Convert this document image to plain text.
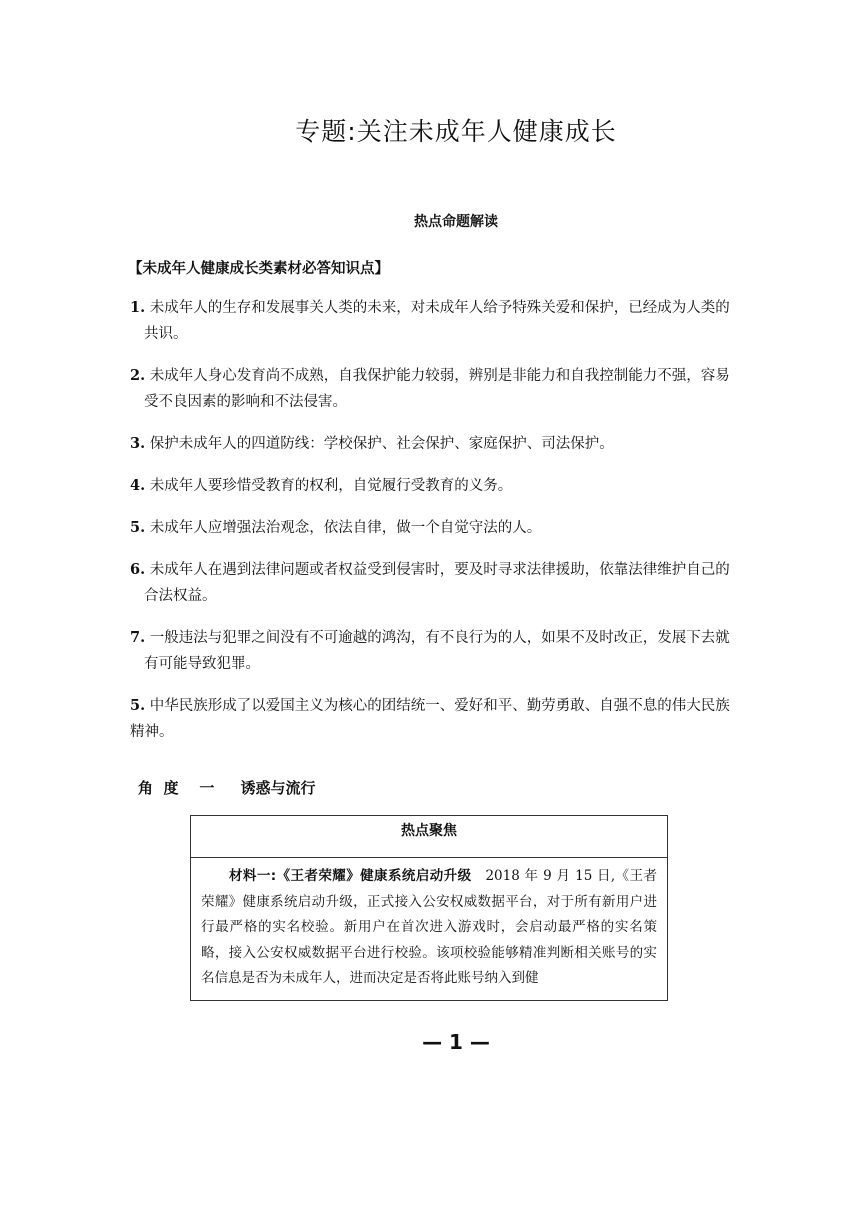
专题:关注未成年人健康成长
热点命题解读
【未成年人健康成长类素材必答知识点】
1. 未成年人的生存和发展事关人类的未来，对未成年人给予特殊关爱和保护，已经成为人类的共识。
2. 未成年人身心发育尚不成熟，自我保护能力较弱，辨别是非能力和自我控制能力不强，容易受不良因素的影响和不法侵害。
3. 保护未成年人的四道防线：学校保护、社会保护、家庭保护、司法保护。
4. 未成年人要珍惜受教育的权利，自觉履行受教育的义务。
5. 未成年人应增强法治观念，依法自律，做一个自觉守法的人。
6. 未成年人在遇到法律问题或者权益受到侵害时，要及时寻求法律援助，依靠法律维护自己的合法权益。
7. 一般违法与犯罪之间没有不可逾越的鸿沟，有不良行为的人，如果不及时改正，发展下去就有可能导致犯罪。
5. 中华民族形成了以爱国主义为核心的团结统一、爱好和平、勤劳勇敢、自强不息的伟大民族精神。
角  度    一     诱惑与流行
热点聚焦
材料一:《王者荣耀》健康系统启动升级　2018 年 9 月 15 日,《王者荣耀》健康系统启动升级，正式接入公安权威数据平台，对于所有新用户进行最严格的实名校验。新用户在首次进入游戏时，会启动最严格的实名策略，接入公安权威数据平台进行校验。该项校验能够精准判断相关账号的实名信息是否为未成年人，进而决定是否将此账号纳入到健
— 1 —
